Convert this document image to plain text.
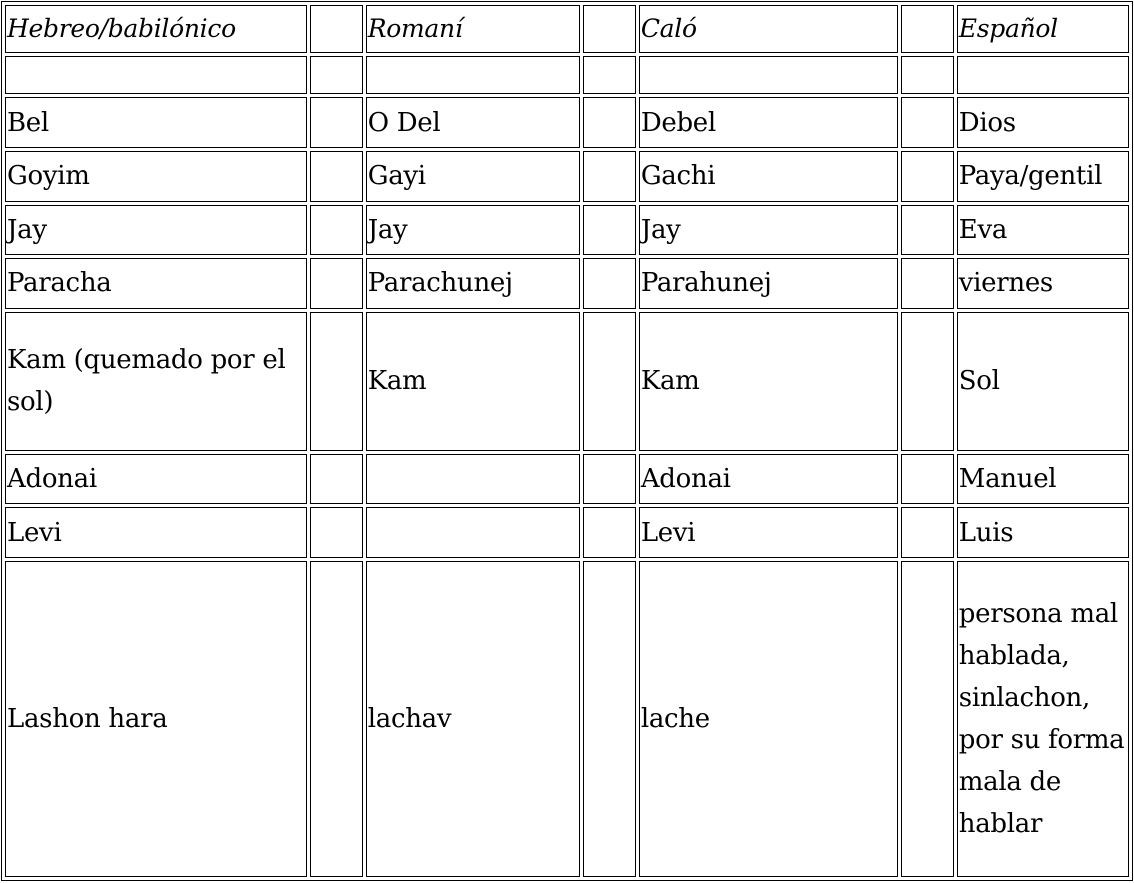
Hebreo/babilónico		Romaní		Caló		Español

Bel		O Del		Debel		Dios
Goyim		Gayi		Gachi		Paya/gentil
Jay		Jay		Jay		Eva
Paracha		Parachunej		Parahunej		viernes
Kam (quemado por el sol)		Kam		Kam		Sol
Adonai				Adonai		Manuel
Levi				Levi		Luis
Lashon hara		lachav		lache		persona mal hablada, sinlachon, por su forma mala de hablar
